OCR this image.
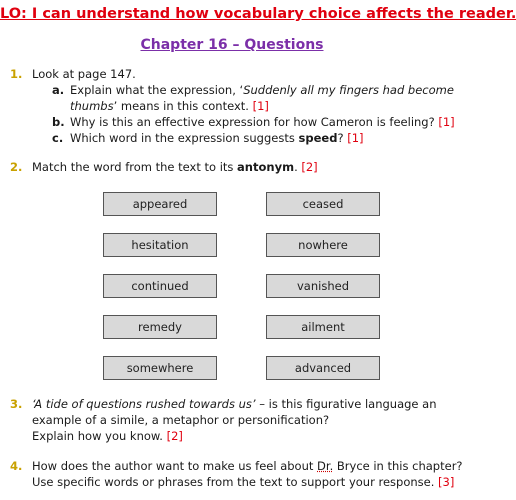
LO: I can understand how vocabulary choice affects the reader.
Chapter 16 – Questions
1. Look at page 147.
a. Explain what the expression, ‘Suddenly all my fingers had become
thumbs’ means in this context. [1]
b. Why is this an effective expression for how Cameron is feeling? [1]
c. Which word in the expression suggests speed? [1]
2. Match the word from the text to its antonym. [2]
appeared
hesitation
continued
remedy
somewhere
ceased
nowhere
vanished
ailment
advanced
3. ‘A tide of questions rushed towards us’ – is this figurative language an
example of a simile, a metaphor or personification?
Explain how you know. [2]
4. How does the author want to make us feel about Dr. Bryce in this chapter?
Use specific words or phrases from the text to support your response. [3]
